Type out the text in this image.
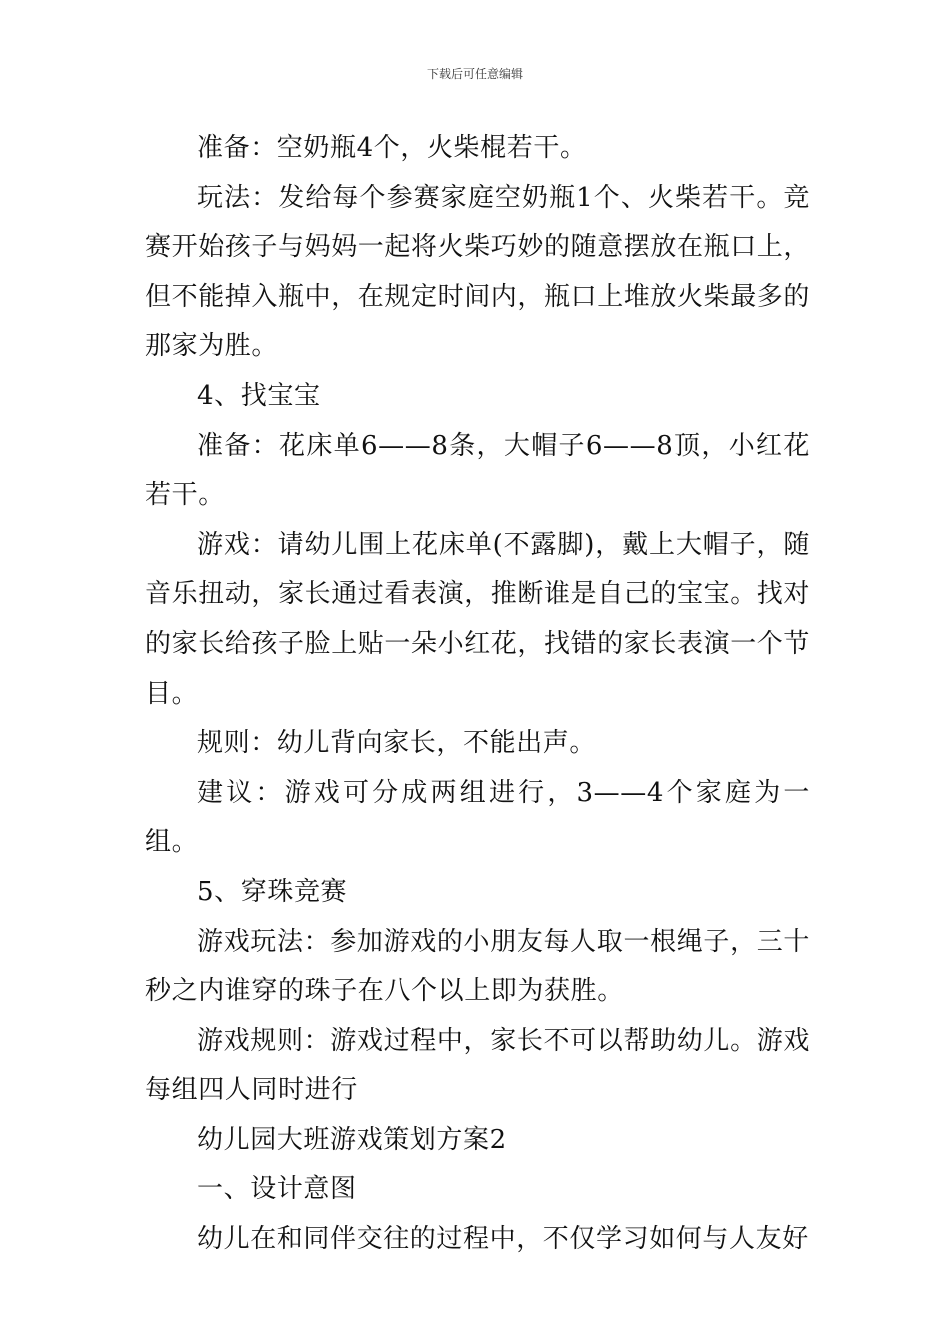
下载后可任意编辑

准备：空奶瓶4个，火柴棍若干。

玩法：发给每个参赛家庭空奶瓶1个、火柴若干。竞赛开始孩子与妈妈一起将火柴巧妙的随意摆放在瓶口上，但不能掉入瓶中，在规定时间内，瓶口上堆放火柴最多的那家为胜。

4、找宝宝

准备：花床单6——8条，大帽子6——8顶，小红花若干。

游戏：请幼儿围上花床单(不露脚)，戴上大帽子，随音乐扭动，家长通过看表演，推断谁是自己的宝宝。找对的家长给孩子脸上贴一朵小红花，找错的家长表演一个节目。

规则：幼儿背向家长，不能出声。

建议：游戏可分成两组进行，3——4个家庭为一组。

5、穿珠竞赛

游戏玩法：参加游戏的小朋友每人取一根绳子，三十秒之内谁穿的珠子在八个以上即为获胜。

游戏规则：游戏过程中，家长不可以帮助幼儿。游戏每组四人同时进行

幼儿园大班游戏策划方案2

一、设计意图

幼儿在和同伴交往的过程中，不仅学习如何与人友好
